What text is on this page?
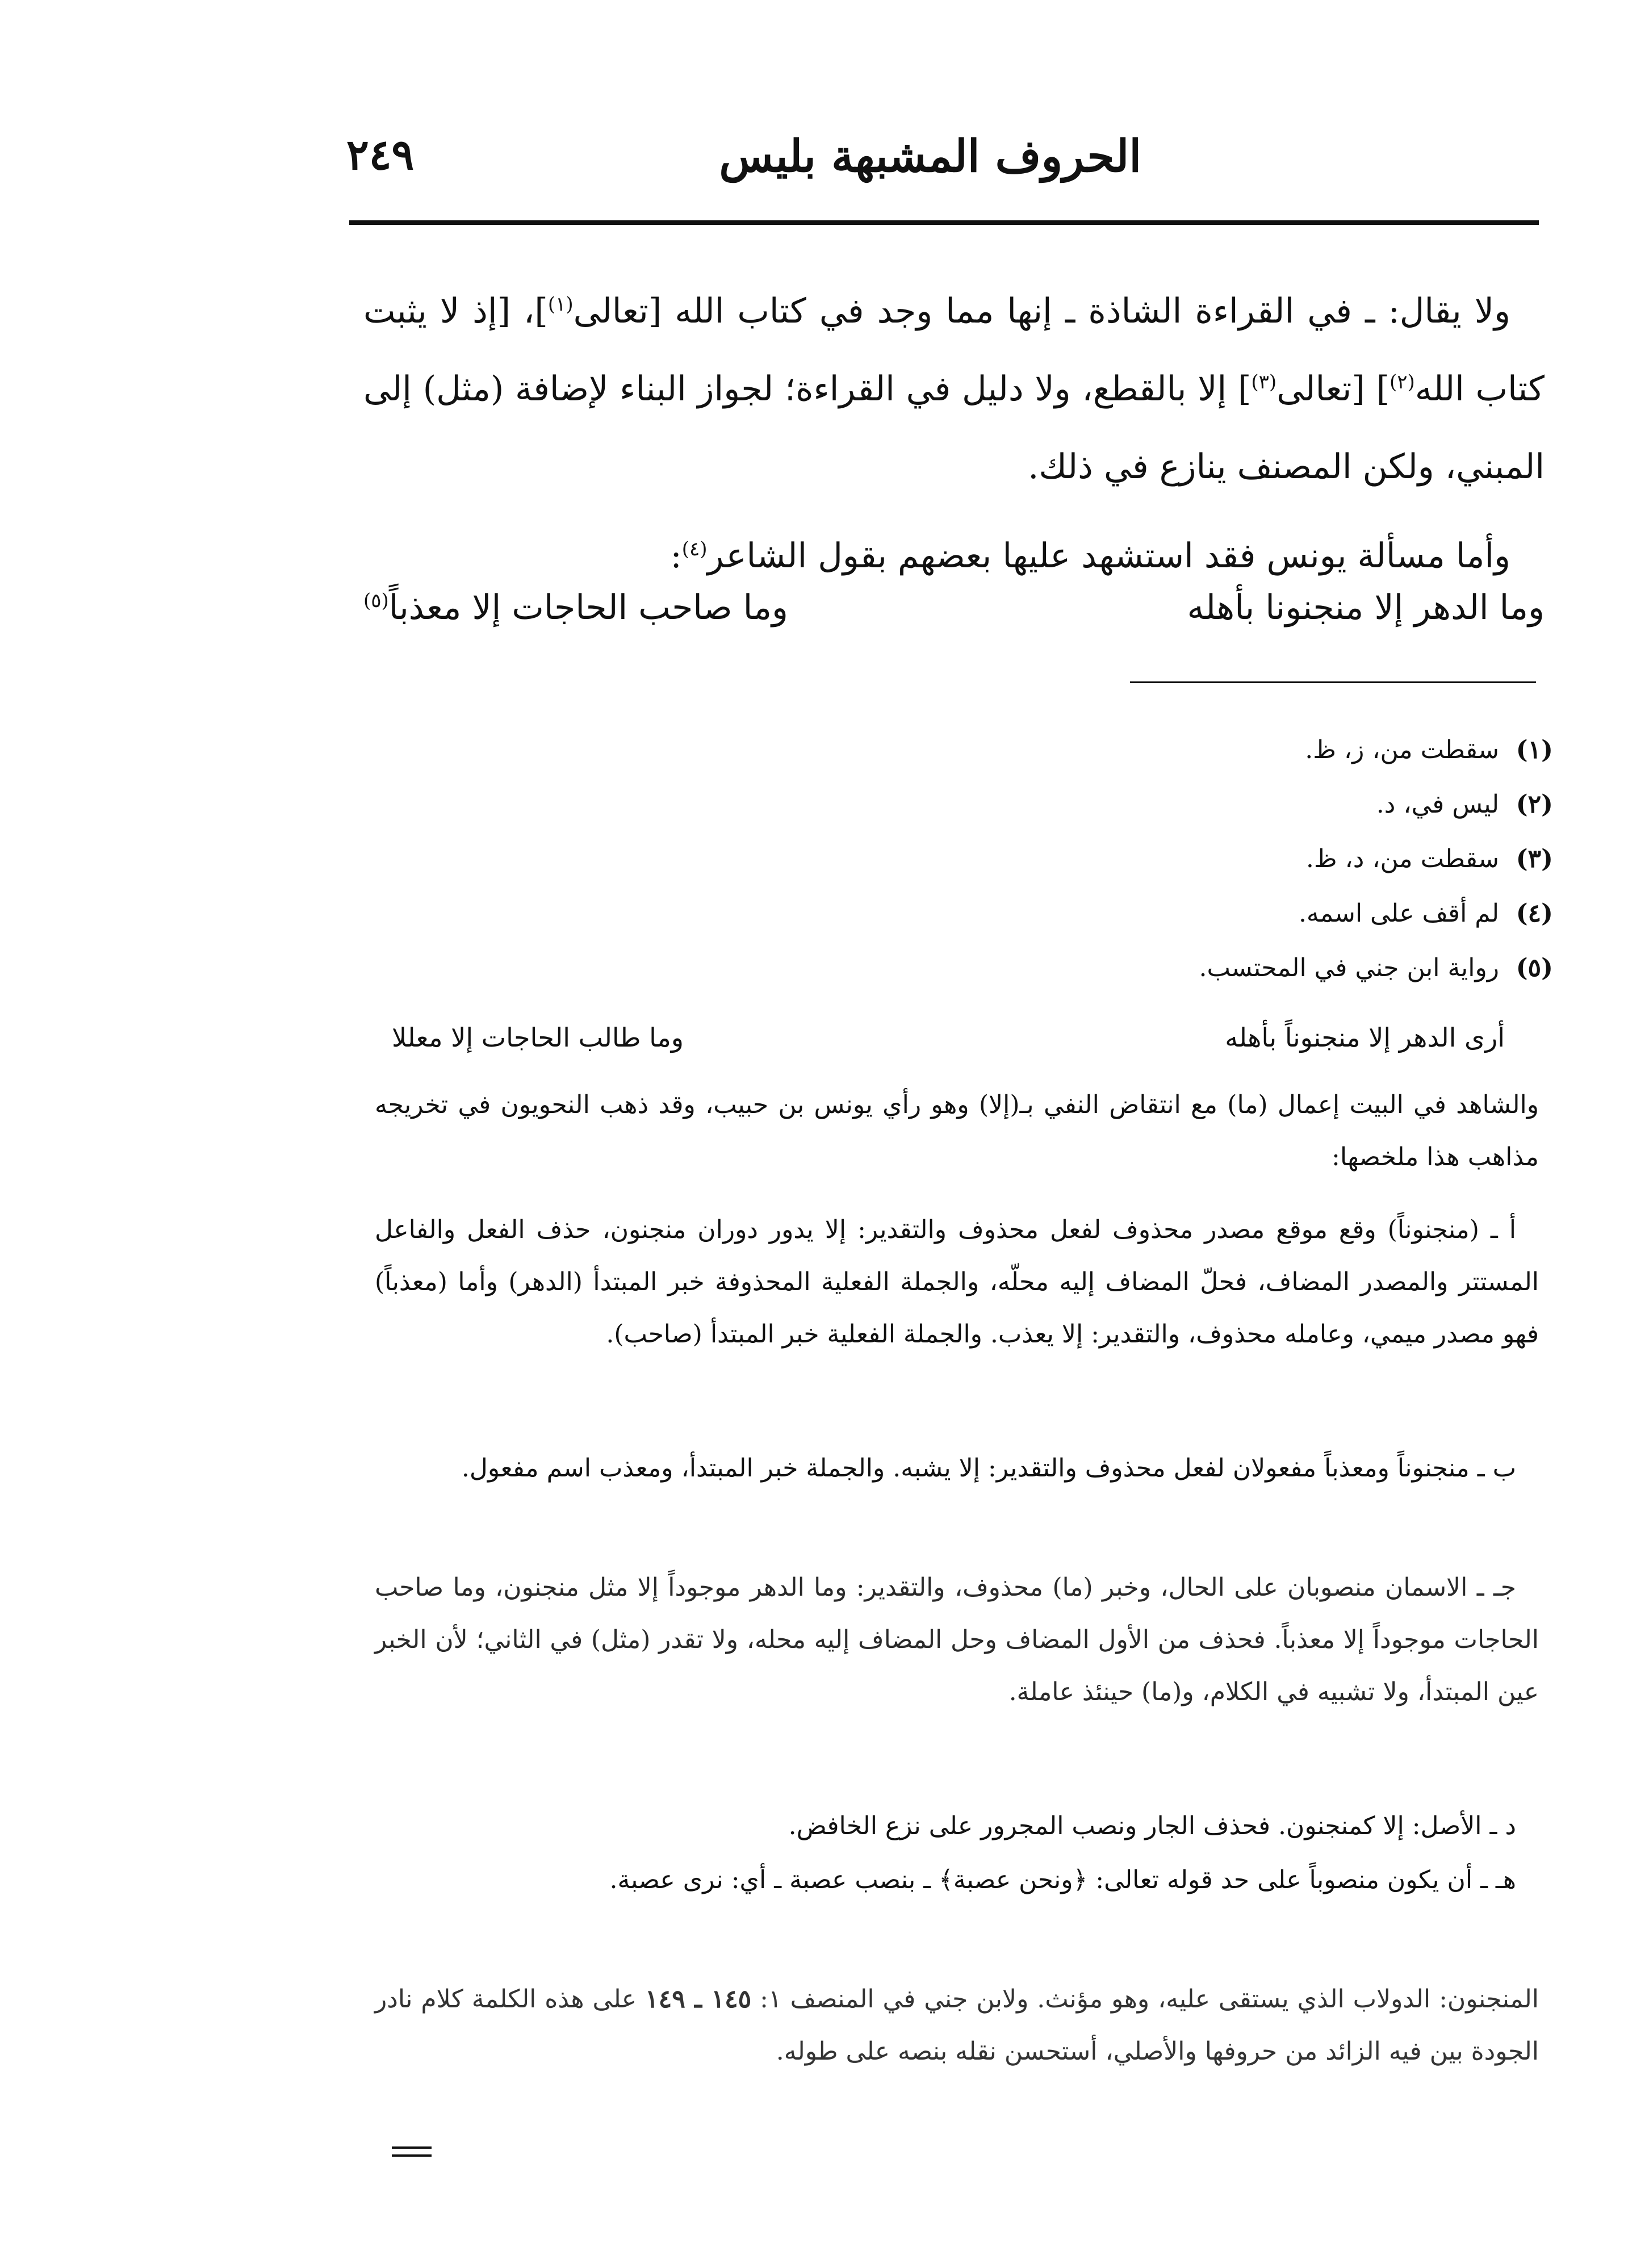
الحروف المشبهة بليس
٢٤٩

ولا يقال: ـ في القراءة الشاذة ـ إنها مما وجد في كتاب الله [تعالى$^{(١)}$]، [إذ لا يثبت كتاب الله$^{(٢)}$] [تعالى$^{(٣)}$] إلا بالقطع، ولا دليل في القراءة؛ لجواز البناء لإضافة (مثل) إلى المبني، ولكن المصنف ينازع في ذلك.

وأما مسألة يونس فقد استشهد عليها بعضهم بقول الشاعر$^{(٤)}$:

وما الدهر إلا منجنونا بأهله
وما صاحب الحاجات إلا معذباً$^{(٥)}$
(١)
سقطت من، ز، ظ.
(٢)
ليس في، د.
(٣)
سقطت من، د، ظ.
(٤)
لم أقف على اسمه.
(٥)
رواية ابن جني في المحتسب.
أرى الدهر إلا منجنوناً بأهله
وما طالب الحاجات إلا معللا
والشاهد في البيت إعمال (ما) مع انتقاض النفي بـ(إلا) وهو رأي يونس بن حبيب، وقد ذهب النحويون في تخريجه مذاهب هذا ملخصها:
أ ـ (منجنوناً) وقع موقع مصدر محذوف لفعل محذوف والتقدير: إلا يدور دوران منجنون، حذف الفعل والفاعل المستتر والمصدر المضاف، فحلّ المضاف إليه محلّه، والجملة الفعلية المحذوفة خبر المبتدأ (الدهر) وأما (معذباً) فهو مصدر ميمي، وعامله محذوف، والتقدير: إلا يعذب. والجملة الفعلية خبر المبتدأ (صاحب).
ب ـ منجنوناً ومعذباً مفعولان لفعل محذوف والتقدير: إلا يشبه. والجملة خبر المبتدأ، ومعذب اسم مفعول.
جـ ـ الاسمان منصوبان على الحال، وخبر (ما) محذوف، والتقدير: وما الدهر موجوداً إلا مثل منجنون، وما صاحب الحاجات موجوداً إلا معذباً. فحذف من الأول المضاف وحل المضاف إليه محله، ولا تقدر (مثل) في الثاني؛ لأن الخبر عين المبتدأ، ولا تشبيه في الكلام، و(ما) حينئذ عاملة.
د ـ الأصل: إلا كمنجنون. فحذف الجار ونصب المجرور على نزع الخافض.
هـ ـ أن يكون منصوباً على حد قوله تعالى: ﴿ونحن عصبة﴾ ـ بنصب عصبة ـ أي: نرى عصبة.
المنجنون: الدولاب الذي يستقى عليه، وهو مؤنث. ولابن جني في المنصف ١: ١٤٥ ـ ١٤٩ على هذه الكلمة كلام نادر الجودة بين فيه الزائد من حروفها والأصلي، أستحسن نقله بنصه على طوله.
